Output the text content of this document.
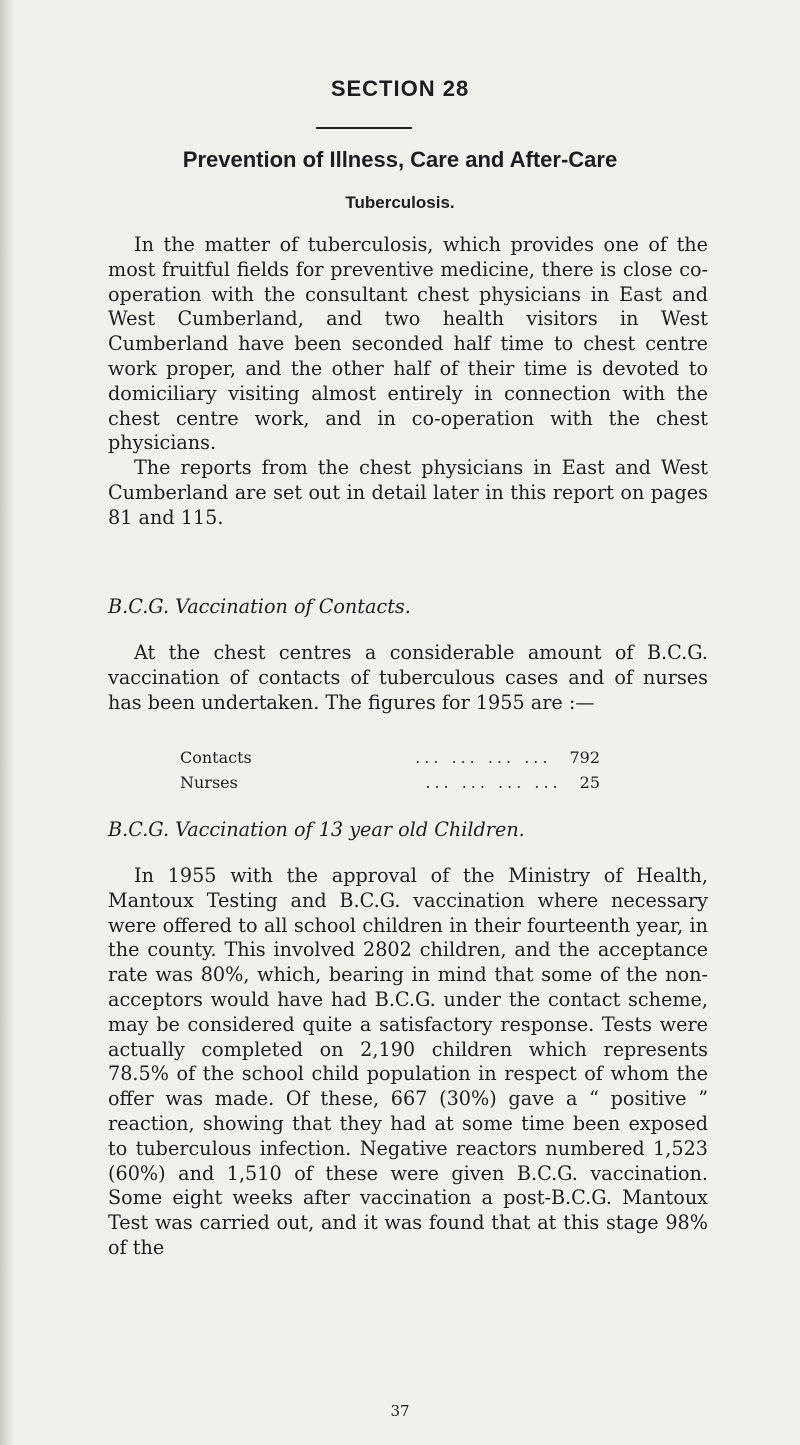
SECTION 28
Prevention of Illness, Care and After-Care
Tuberculosis.

In the matter of tuberculosis, which provides one of the most fruitful fields for preventive medicine, there is close co-operation with the consultant chest physicians in East and West Cumberland, and two health visitors in West Cumberland have been seconded half time to chest centre work proper, and the other half of their time is devoted to domiciliary visiting almost entirely in connection with the chest centre work, and in co-operation with the chest physicians.

The reports from the chest physicians in East and West Cumberland are set out in detail later in this report on pages 81 and 115.

B.C.G. Vaccination of Contacts.

At the chest centres a considerable amount of B.C.G. vaccination of contacts of tuberculous cases and of nurses has been undertaken. The figures for 1955 are :—

Contacts	... ... ... ...	792
Nurses	... ... ... ...	25

B.C.G. Vaccination of 13 year old Children.

In 1955 with the approval of the Ministry of Health, Mantoux Testing and B.C.G. vaccination where necessary were offered to all school children in their fourteenth year, in the county. This involved 2802 children, and the acceptance rate was 80%, which, bearing in mind that some of the non-acceptors would have had B.C.G. under the contact scheme, may be considered quite a satisfactory response. Tests were actually completed on 2,190 children which represents 78.5% of the school child population in respect of whom the offer was made. Of these, 667 (30%) gave a “ positive ” reaction, showing that they had at some time been exposed to tuberculous infection. Negative reactors numbered 1,523 (60%) and 1,510 of these were given B.C.G. vaccination. Some eight weeks after vaccination a post-B.C.G. Mantoux Test was carried out, and it was found that at this stage 98% of the

37
